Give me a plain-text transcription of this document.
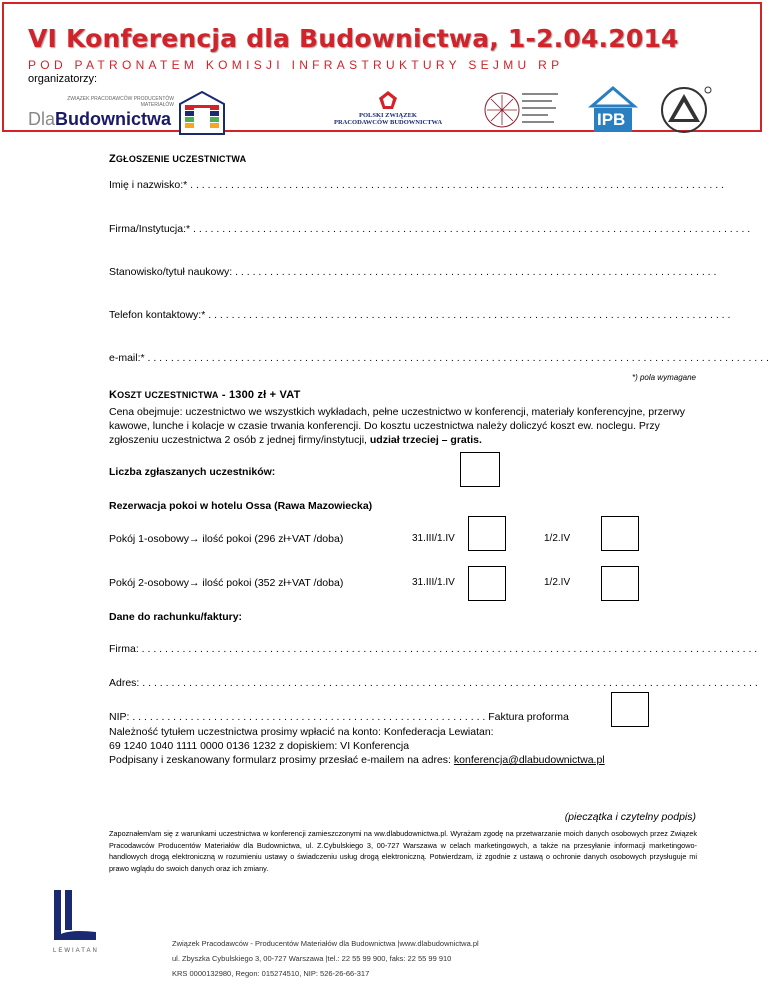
VI Konferencja dla Budownictwa, 1-2.04.2014
POD PATRONATEM KOMISJI INFRASTRUKTURY SEJMU RP
organizatorzy:
ZWIĄZEK PRACODAWCÓW PRODUCENTÓW MATERIAŁÓW
DlaBudownictwa	POLSKI ZWIĄZEK
PRACODAWCÓW BUDOWNICTWA	IPB
ZGŁOSZENIE UCZESTNICTWA
Imię i nazwisko:* . . . . . . . . . . . . . . . . . . . . . . . . . . . . . . . . . . . . . . . . . . . . . . . . . . . . . . . . . . . . . . . . . . . . . . . . . . . . . . . . . . . . . . . . . . . .
Firma/Instytucja:* . . . . . . . . . . . . . . . . . . . . . . . . . . . . . . . . . . . . . . . . . . . . . . . . . . . . . . . . . . . . . . . . . . . . . . . . . . . . . . . . . . . . . . . . . . . . . . . .
Stanowisko/tytuł naukowy: . . . . . . . . . . . . . . . . . . . . . . . . . . . . . . . . . . . . . . . . . . . . . . . . . . . . . . . . . . . . . . . . . . . . . . . . . . . . . . . . . . .
Telefon kontaktowy:* . . . . . . . . . . . . . . . . . . . . . . . . . . . . . . . . . . . . . . . . . . . . . . . . . . . . . . . . . . . . . . . . . . . . . . . . . . . . . . . . . . . . . . . . . .
e-mail:* . . . . . . . . . . . . . . . . . . . . . . . . . . . . . . . . . . . . . . . . . . . . . . . . . . . . . . . . . . . . . . . . . . . . . . . . . . . . . . . . . . . . . . . . . . . . . . . . . . . . . . . . . . .
*) pola wymagane
KOSZT UCZESTNICTWA - 1300 zł + VAT
Cena obejmuje: uczestnictwo we wszystkich wykładach, pełne uczestnictwo w konferencji, materiały konferencyjne, przerwy kawowe, lunche i kolacje w czasie trwania konferencji. Do kosztu uczestnictwa należy doliczyć koszt ew. noclegu. Przy zgłoszeniu uczestnictwa 2 osób z jednej firmy/instytucji, udział trzeciej – gratis.
Liczba zgłaszanych uczestników:
Rezerwacja pokoi w hotelu Ossa (Rawa Mazowiecka)
Pokój 1-osobowy→ ilość pokoi (296 zł+VAT /doba)	31.III/1.IV	1/2.IV
Pokój 2-osobowy→ ilość pokoi (352 zł+VAT /doba)	31.III/1.IV	1/2.IV
Dane do rachunku/faktury:
Firma: . . . . . . . . . . . . . . . . . . . . . . . . . . . . . . . . . . . . . . . . . . . . . . . . . . . . . . . . . . . . . . . . . . . . . . . . . . . . . . . . . . . . . . . . . . . . . . . . . . . . . . . . . .
Adres: . . . . . . . . . . . . . . . . . . . . . . . . . . . . . . . . . . . . . . . . . . . . . . . . . . . . . . . . . . . . . . . . . . . . . . . . . . . . . . . . . . . . . . . . . . . . . . . . . . . . . . . . . .
NIP: . . . . . . . . . . . . . . . . . . . . . . . . . . . . . . . . . . . . . . . . . . . . . . . . . . . . . . . . . . . . . Faktura proforma
Należność tytułem uczestnictwa prosimy wpłacić na konto: Konfederacja Lewiatan:
69 1240 1040 1111 0000 0136 1232 z dopiskiem: VI Konferencja
Podpisany i zeskanowany formularz prosimy przesłać e-mailem na adres: konferencja@dlabudownictwa.pl
(pieczątka i czytelny podpis)
Zapoznałem/am się z warunkami uczestnictwa w konferencji zamieszczonymi na ww.dlabudownictwa.pl. Wyrażam zgodę na przetwarzanie moich danych osobowych przez Związek Pracodawców Producentów Materiałów dla Budownictwa, ul. Z.Cybulskiego 3, 00-727 Warszawa w celach marketingowych, a także na przesyłanie informacji marketingowo-handlowych drogą elektroniczną w rozumieniu ustawy o świadczeniu usług drogą elektroniczną. Potwierdzam, iż zgodnie z ustawą o ochronie danych osobowych przysługuje mi prawo wglądu do swoich danych oraz ich zmiany.
LEWIATAN
Związek Pracodawców - Producentów Materiałów dla Budownictwa |www.dlabudownictwa.pl
ul. Zbyszka Cybulskiego 3, 00-727 Warszawa |tel.: 22 55 99 900, faks: 22 55 99 910
KRS 0000132980, Regon: 015274510, NIP: 526-26-66-317
